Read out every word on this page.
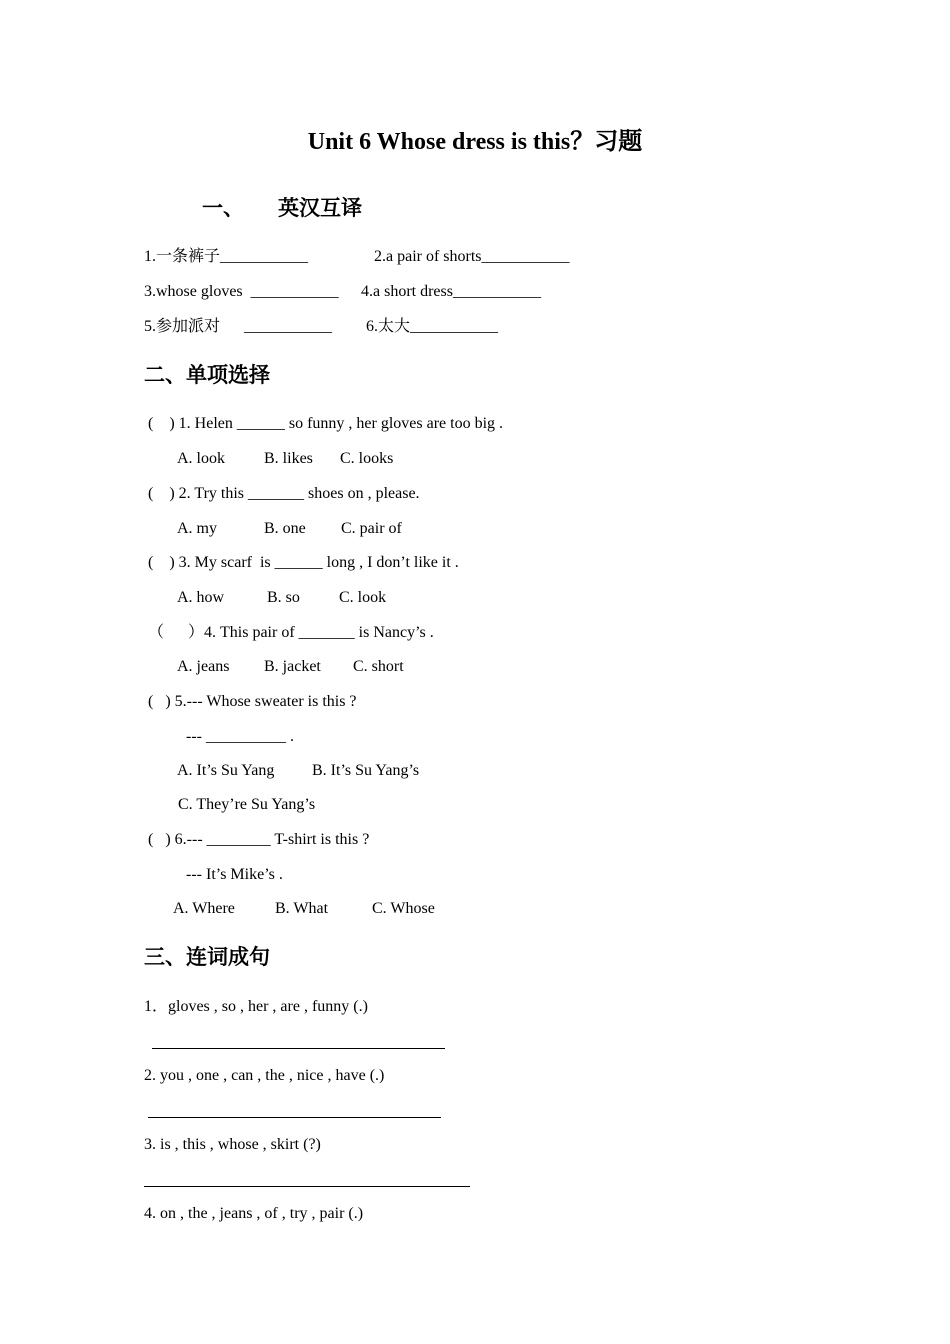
Unit 6 Whose dress is this？习题
一、 英汉互译
1.一条裤子___________	2.a pair of shorts___________
3.whose gloves  ___________ 4.a short dress___________
5.参加派对      ___________ 6.太大___________
二、单项选择
(    ) 1. Helen ______ so funny , her gloves are too big .
A. look B. likes C. looks
(    ) 2. Try this _______ shoes on , please.
A. my	B. one C. pair of
(    ) 3. My scarf  is ______ long , I don’t like it .
A. how	B. so C. look
（      ）4. This pair of _______ is Nancy’s .
A. jeans B. jacket C. short
(   ) 5.--- Whose sweater is this ?
--- __________ .
A. It’s Su Yang B. It’s Su Yang’s
C. They’re Su Yang’s
(   ) 6.--- ________ T-shirt is this ?
--- It’s Mike’s .
A. Where	B. What	C. Whose
三、连词成句
1．gloves , so , her , are , funny (.)
2. you , one , can , the , nice , have (.)
3. is , this , whose , skirt (?)
4. on , the , jeans , of , try , pair (.)
